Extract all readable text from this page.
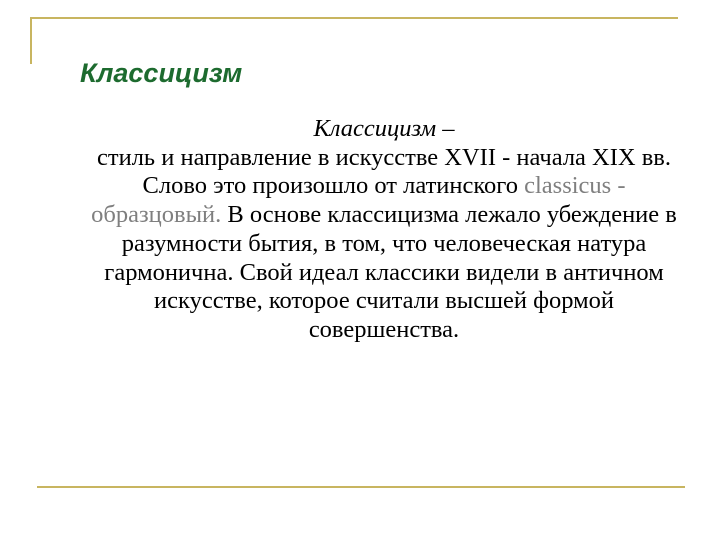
Классицизм
Классицизм –
стиль и направление в искусстве XVII - начала XIX вв.
Слово это произошло от латинского classicus - образцовый. В основе классицизма лежало убеждение в разумности бытия, в том, что человеческая натура гармонична. Свой идеал классики видели в античном искусстве, которое считали высшей формой совершенства.
